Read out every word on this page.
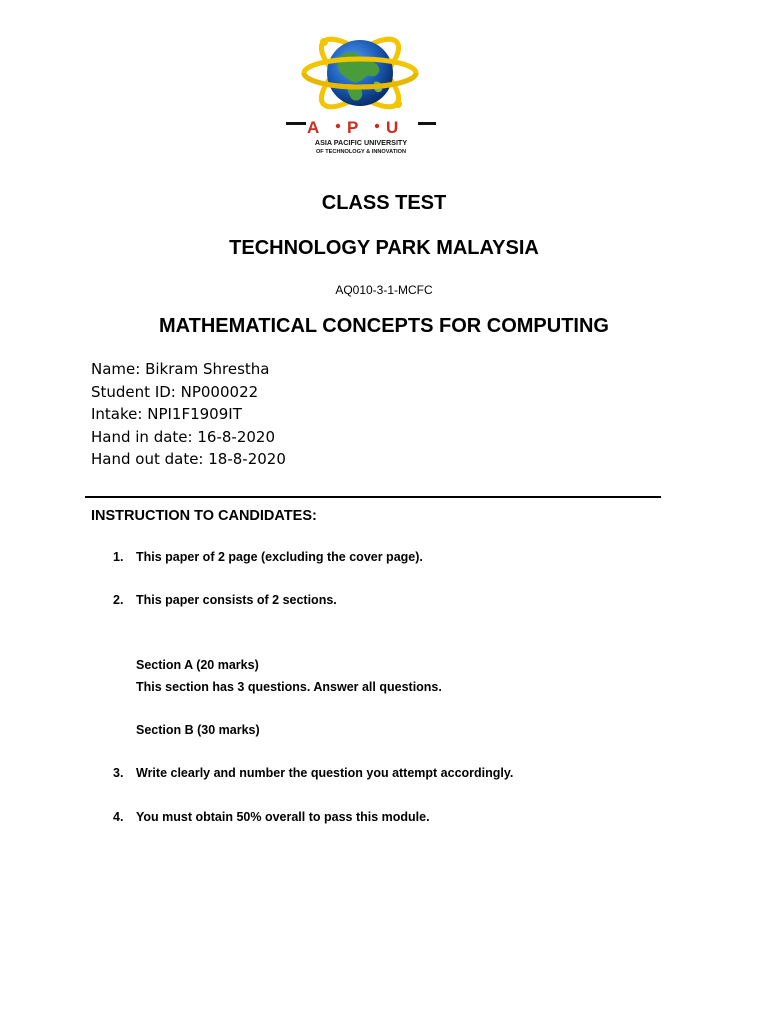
A P U
ASIA PACIFIC UNIVERSITY
OF TECHNOLOGY & INNOVATION
CLASS TEST
TECHNOLOGY PARK MALAYSIA
AQ010-3-1-MCFC
MATHEMATICAL CONCEPTS FOR COMPUTING
Name: Bikram Shrestha
Student ID: NP000022
Intake: NPI1F1909IT
Hand in date: 16-8-2020
Hand out date: 18-8-2020
INSTRUCTION TO CANDIDATES:
1. This paper of 2 page (excluding the cover page).
2. This paper consists of 2 sections.
Section A (20 marks)
This section has 3 questions. Answer all questions.
Section B (30 marks)
3. Write clearly and number the question you attempt accordingly.
4. You must obtain 50% overall to pass this module.
